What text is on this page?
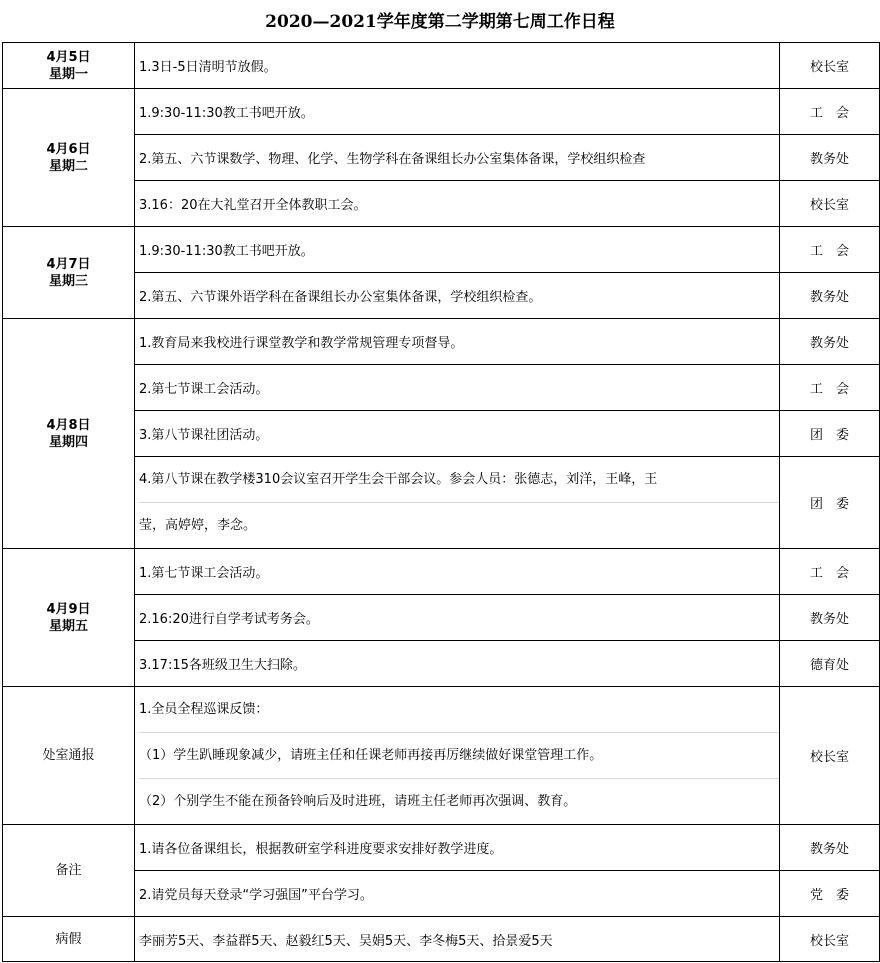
2020—2021学年度第二学期第七周工作日程
4月5日
星期一	1.3日-5日清明节放假。	校长室

4月6日
星期二	1.9:30-11:30教工书吧开放。	工　会
	2.第五、六节课数学、物理、化学、生物学科在备课组长办公室集体备课，学校组织检查	教务处
	3.16：20在大礼堂召开全体教职工会。	校长室

4月7日
星期三	1.9:30-11:30教工书吧开放。	工　会
	2.第五、六节课外语学科在备课组长办公室集体备课，学校组织检查。	教务处

4月8日
星期四	1.教育局来我校进行课堂教学和教学常规管理专项督导。	教务处
	2.第七节课工会活动。	工　会
	3.第八节课社团活动。	团　委

	4.第八节课在教学楼310会议室召开学生会干部会议。参会人员：张德志，刘洋，王峰，王
莹，高婷婷，李念。	团　委

4月9日
星期五	1.第七节课工会活动。	工　会
	2.16:20进行自学考试考务会。	教务处
	3.17:15各班级卫生大扫除。	德育处
处室通报	1.全员全程巡课反馈：
（1）学生趴睡现象减少，请班主任和任课老师再接再厉继续做好课堂管理工作。
（2）个别学生不能在预备铃响后及时进班，请班主任老师再次强调、教育。	校长室
备注	1.请各位备课组长，根据教研室学科进度要求安排好教学进度。	教务处
	2.请党员每天登录“学习强国”平台学习。	党　委
病假	李丽芳5天、李益群5天、赵毅红5天、吴娟5天、李冬梅5天、拾景爱5天	校长室
